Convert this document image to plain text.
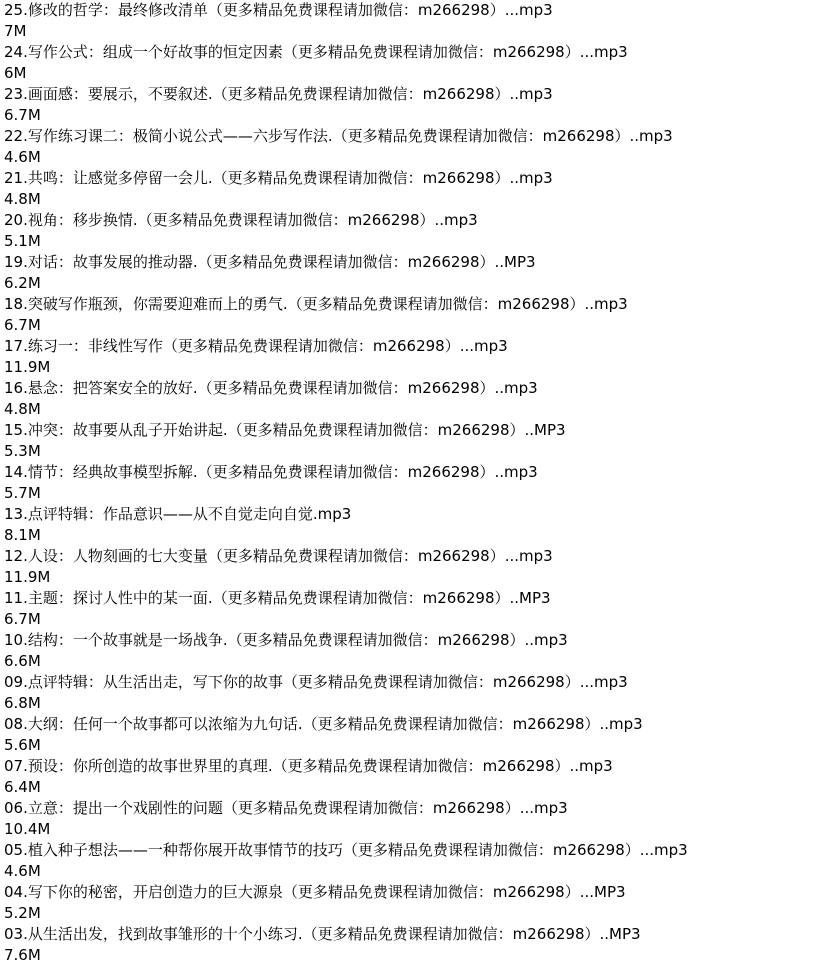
25.修改的哲学：最终修改清单（更多精品免费课程请加微信：m266298）...mp3
7M
24.写作公式：组成一个好故事的恒定因素（更多精品免费课程请加微信：m266298）...mp3
6M
23.画面感：要展示，不要叙述.（更多精品免费课程请加微信：m266298）..mp3
6.7M
22.写作练习课二：极简小说公式——六步写作法.（更多精品免费课程请加微信：m266298）..mp3
4.6M
21.共鸣：让感觉多停留一会儿.（更多精品免费课程请加微信：m266298）..mp3
4.8M
20.视角：移步换情.（更多精品免费课程请加微信：m266298）..mp3
5.1M
19.对话：故事发展的推动器.（更多精品免费课程请加微信：m266298）..MP3
6.2M
18.突破写作瓶颈，你需要迎难而上的勇气.（更多精品免费课程请加微信：m266298）..mp3
6.7M
17.练习一：非线性写作（更多精品免费课程请加微信：m266298）...mp3
11.9M
16.悬念：把答案安全的放好.（更多精品免费课程请加微信：m266298）..mp3
4.8M
15.冲突：故事要从乱子开始讲起.（更多精品免费课程请加微信：m266298）..MP3
5.3M
14.情节：经典故事模型拆解.（更多精品免费课程请加微信：m266298）..mp3
5.7M
13.点评特辑：作品意识——从不自觉走向自觉.mp3
8.1M
12.人设：人物刻画的七大变量（更多精品免费课程请加微信：m266298）...mp3
11.9M
11.主题：探讨人性中的某一面.（更多精品免费课程请加微信：m266298）..MP3
6.7M
10.结构：一个故事就是一场战争.（更多精品免费课程请加微信：m266298）..mp3
6.6M
09.点评特辑：从生活出走，写下你的故事（更多精品免费课程请加微信：m266298）...mp3
6.8M
08.大纲：任何一个故事都可以浓缩为九句话.（更多精品免费课程请加微信：m266298）..mp3
5.6M
07.预设：你所创造的故事世界里的真理.（更多精品免费课程请加微信：m266298）..mp3
6.4M
06.立意：提出一个戏剧性的问题（更多精品免费课程请加微信：m266298）...mp3
10.4M
05.植入种子想法——一种帮你展开故事情节的技巧（更多精品免费课程请加微信：m266298）...mp3
4.6M
04.写下你的秘密，开启创造力的巨大源泉（更多精品免费课程请加微信：m266298）...MP3
5.2M
03.从生活出发，找到故事雏形的十个小练习.（更多精品免费课程请加微信：m266298）..MP3
7.6M
